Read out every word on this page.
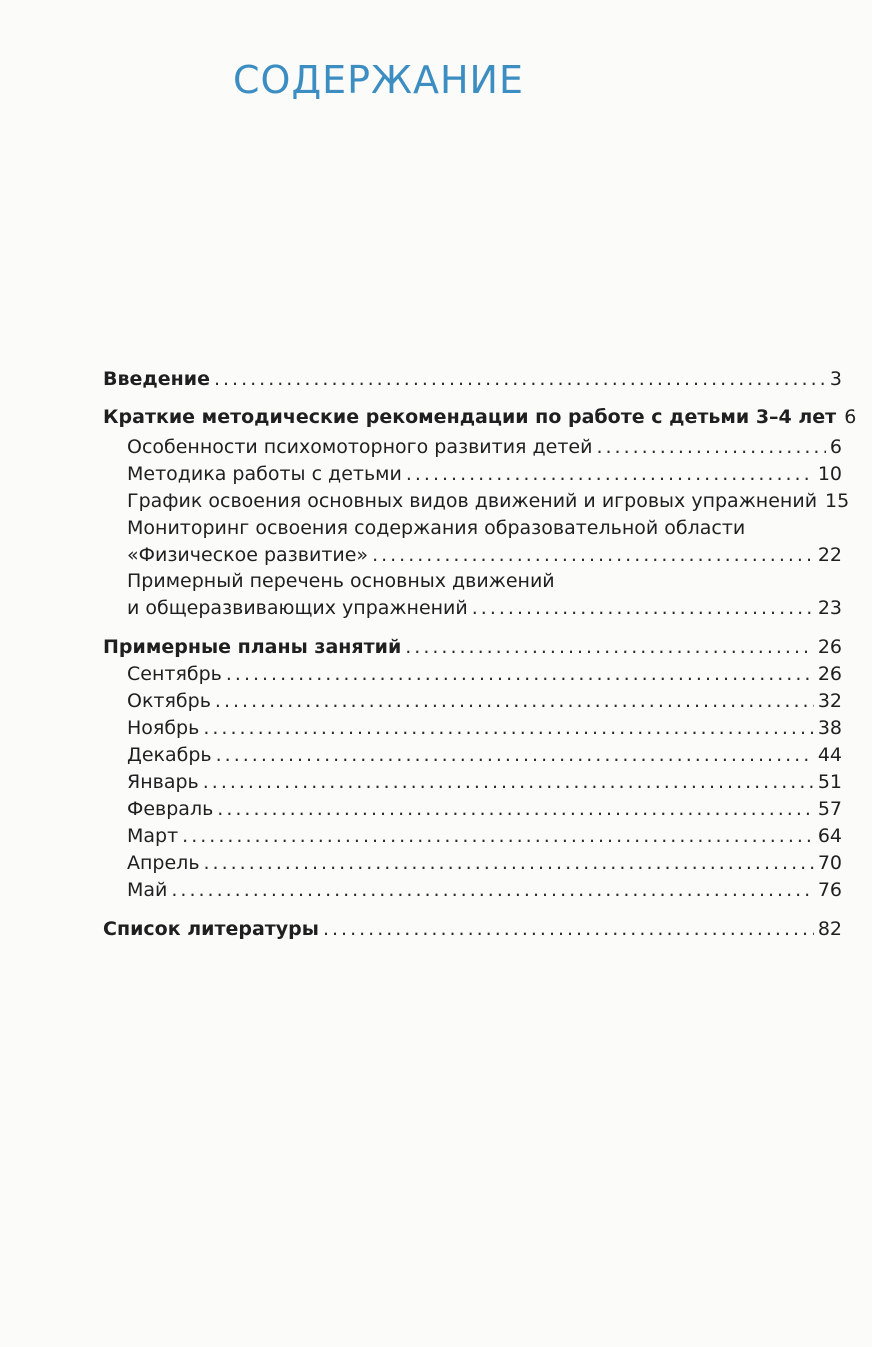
СОДЕРЖАНИЕ
Введение .....	3
Краткие методические рекомендации по работе с детьми 3–4 лет 6
Особенности психомоторного развития детей .....	6
Методика работы с детьми .....	10
График освоения основных видов движений и игровых упражнений 15
Мониторинг освоения содержания образовательной области
«Физическое развитие» .....	22
Примерный перечень основных движений
и общеразвивающих упражнений .....	23
Примерные планы занятий .....	26
Сентябрь .....	26
Октябрь .....	32
Ноябрь .....	38
Декабрь .....	44
Январь .....	51
Февраль .....	57
Март .....	64
Апрель .....	70
Май .....	76
Список литературы .....	82
